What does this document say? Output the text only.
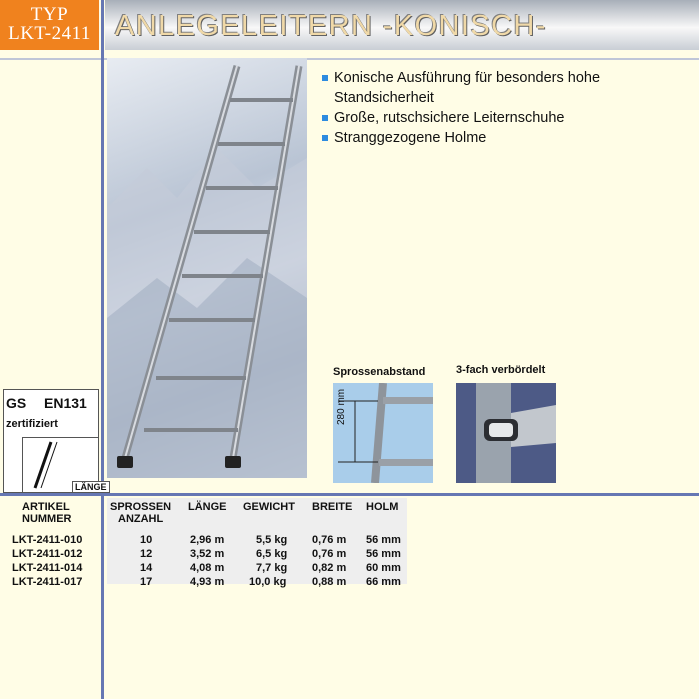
TYP
LKT-2411 ANLEGELEITERN -KONISCH-
Konische Ausführung für besonders hohe Standsicherheit
Große, rutschsichere Leiternschuhe
Stranggezogene Holme
Sprossenabstand	3-fach verbördelt
280 mm
GS EN131
zertifiziert
LÄNGE
ARTIKEL
NUMMER
SPROSSEN
ANZAHL
LÄNGE GEWICHT BREITE HOLM
LKT-2411-010	10	2,96 m	5,5 kg 0,76 m 56 mm
LKT-2411-012	12	3,52 m	6,5 kg 0,76 m 56 mm
LKT-2411-014	14	4,08 m	7,7 kg 0,82 m 60 mm
LKT-2411-017	17	4,93 m 10,0 kg 0,88 m 66 mm
